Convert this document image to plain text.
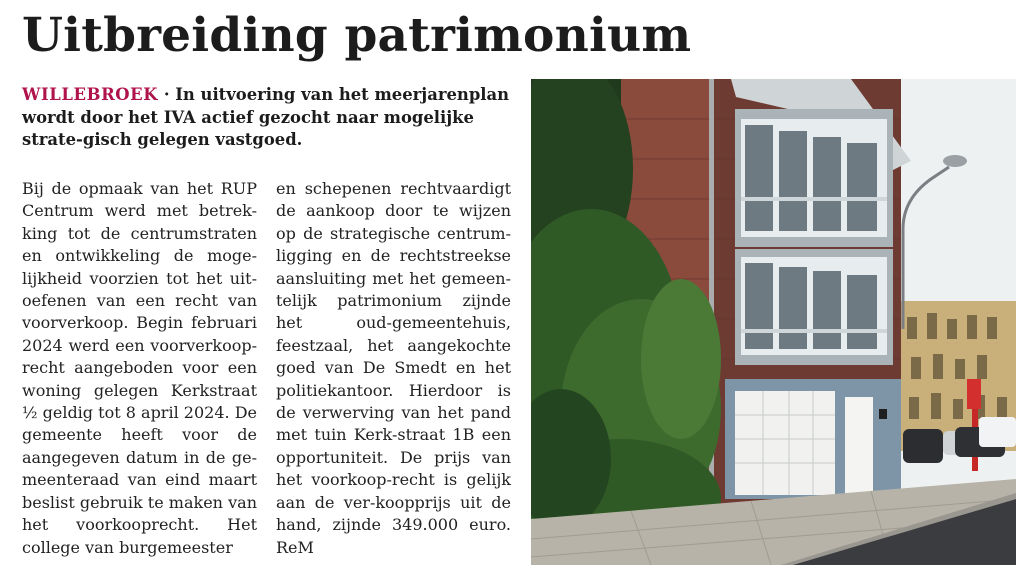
Uitbreiding patrimonium

WILLEBROEK · In uitvoering van het meerjarenplan wordt door het IVA actief gezocht naar mogelijke strate-gisch gelegen vastgoed.

Bij de opmaak van het RUP Centrum werd met betrek-king tot de centrumstraten en ontwikkeling de moge-lijkheid voorzien tot het uit-oefenen van een recht van voorverkoop. Begin februari 2024 werd een voorverkoop-recht aangeboden voor een woning gelegen Kerkstraat ½ geldig tot 8 april 2024. De gemeente heeft voor de aangegeven datum in de ge-meenteraad van eind maart beslist gebruik te maken van het voorkooprecht. Het college van burgemeester

en schepenen rechtvaardigt de aankoop door te wijzen op de strategische centrum-ligging en de rechtstreekse aansluiting met het gemeen-telijk patrimonium zijnde het oud-gemeentehuis, feestzaal, het aangekochte goed van De Smedt en het politiekantoor. Hierdoor is de verwerving van het pand met tuin Kerk-straat 1B een opportuniteit. De prijs van het voorkoop-recht is gelijk aan de ver-koopprijs uit de hand, zijnde 349.000 euro. ReM
